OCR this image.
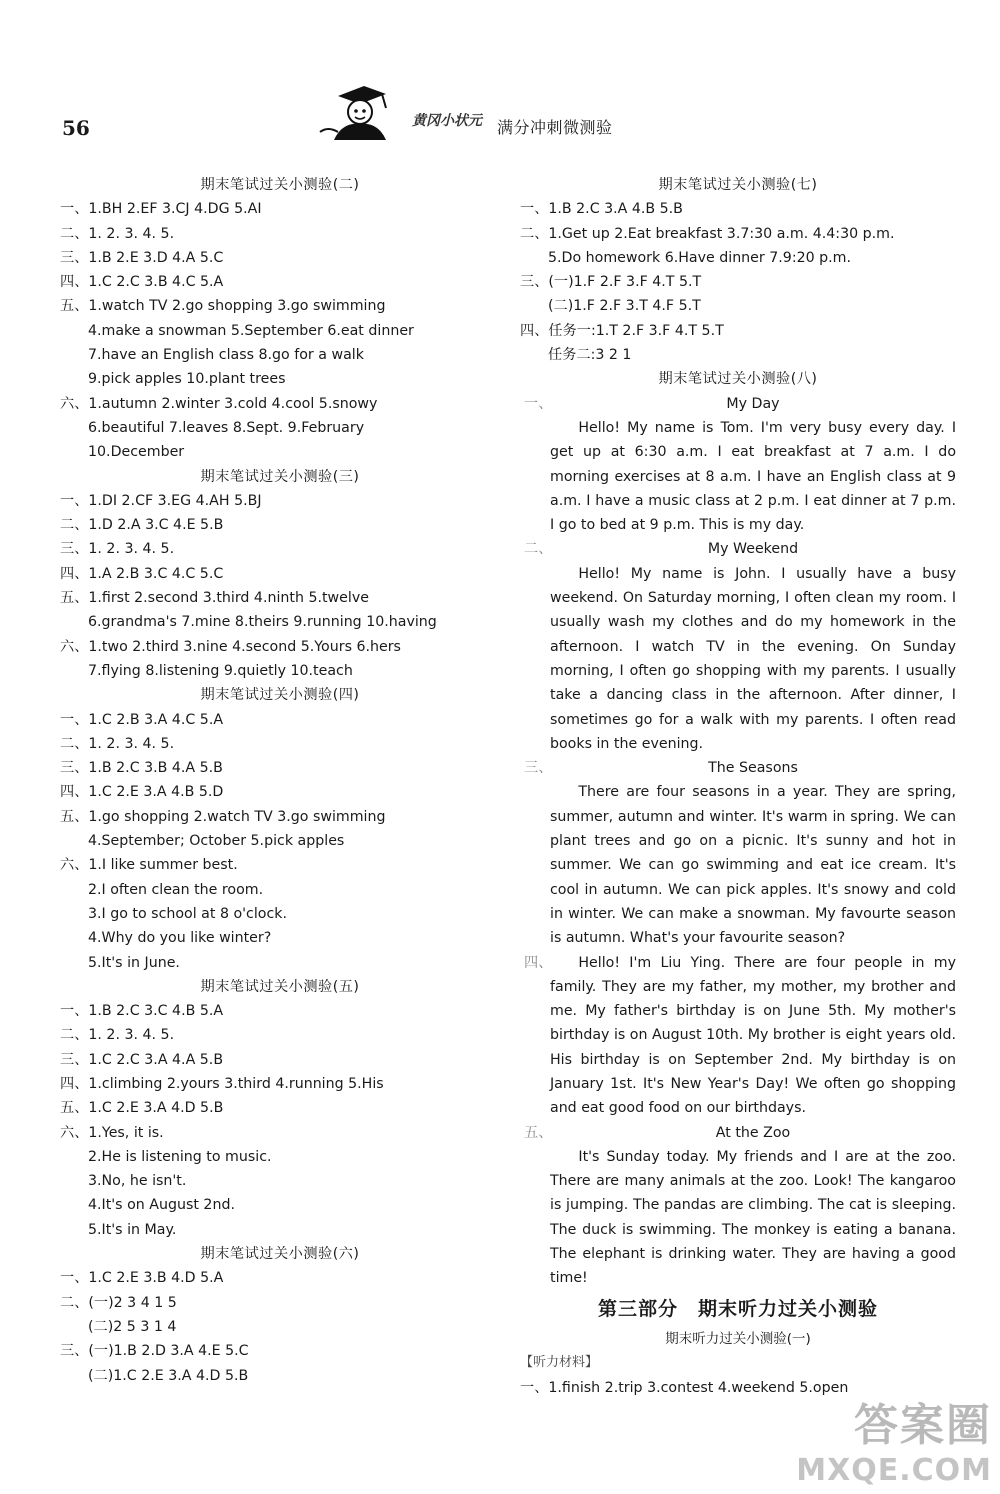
56	黄冈小状元 满分冲刺微测验
期末笔试过关小测验(二)
一、1.BH 2.EF 3.CJ 4.DG 5.AI
二、1. 2. 3. 4. 5.
三、1.B 2.E 3.D 4.A 5.C
四、1.C 2.C 3.B 4.C 5.A
五、1.watch TV 2.go shopping 3.go swimming
4.make a snowman 5.September 6.eat dinner
7.have an English class 8.go for a walk
9.pick apples 10.plant trees
六、1.autumn 2.winter 3.cold 4.cool 5.snowy
6.beautiful 7.leaves 8.Sept. 9.February
10.December
期末笔试过关小测验(三)
一、1.DI 2.CF 3.EG 4.AH 5.BJ
二、1.D 2.A 3.C 4.E 5.B
三、1. 2. 3. 4. 5.
四、1.A 2.B 3.C 4.C 5.C
五、1.first 2.second 3.third 4.ninth 5.twelve
6.grandma's 7.mine 8.theirs 9.running 10.having
六、1.two 2.third 3.nine 4.second 5.Yours 6.hers
7.flying 8.listening 9.quietly 10.teach
期末笔试过关小测验(四)
一、1.C 2.B 3.A 4.C 5.A
二、1. 2. 3. 4. 5.
三、1.B 2.C 3.B 4.A 5.B
四、1.C 2.E 3.A 4.B 5.D
五、1.go shopping 2.watch TV 3.go swimming
4.September; October 5.pick apples
六、1.I like summer best.
2.I often clean the room.
3.I go to school at 8 o'clock.
4.Why do you like winter?
5.It's in June.
期末笔试过关小测验(五)
一、1.B 2.C 3.C 4.B 5.A
二、1. 2. 3. 4. 5.
三、1.C 2.C 3.A 4.A 5.B
四、1.climbing 2.yours 3.third 4.running 5.His
五、1.C 2.E 3.A 4.D 5.B
六、1.Yes, it is.
2.He is listening to music.
3.No, he isn't.
4.It's on August 2nd.
5.It's in May.
期末笔试过关小测验(六)
一、1.C 2.E 3.B 4.D 5.A
二、(一)2 3 4 1 5
(二)2 5 3 1 4
三、(一)1.B 2.D 3.A 4.E 5.C
(二)1.C 2.E 3.A 4.D 5.B
期末笔试过关小测验(七)
一、1.B 2.C 3.A 4.B 5.B
二、1.Get up 2.Eat breakfast 3.7:30 a.m. 4.4:30 p.m.
5.Do homework 6.Have dinner 7.9:20 p.m.
三、(一)1.F 2.F 3.F 4.T 5.T
(二)1.F 2.F 3.T 4.F 5.T
四、任务一:1.T 2.F 3.F 4.T 5.T
任务二:3 2 1
期末笔试过关小测验(八)
一、	My Day
Hello! My name is Tom. I'm very busy every day. I get up at 6:30 a.m. I eat breakfast at 7 a.m. I do morning exercises at 8 a.m. I have an English class at 9 a.m. I have a music class at 2 p.m. I eat dinner at 7 p.m. I go to bed at 9 p.m. This is my day.
二、	My Weekend
Hello! My name is John. I usually have a busy weekend. On Saturday morning, I often clean my room. I usually wash my clothes and do my homework in the afternoon. I watch TV in the evening. On Sunday morning, I often go shopping with my parents. I usually take a dancing class in the afternoon. After dinner, I sometimes go for a walk with my parents. I often read books in the evening.
三、	The Seasons
There are four seasons in a year. They are spring, summer, autumn and winter. It's warm in spring. We can plant trees and go on a picnic. It's sunny and hot in summer. We can go swimming and eat ice cream. It's cool in autumn. We can pick apples. It's snowy and cold in winter. We can make a snowman. My favourte season is autumn. What's your favourite season?
四、	Hello! I'm Liu Ying. There are four people in my family. They are my father, my mother, my brother and me. My father's birthday is on June 5th. My mother's birthday is on August 10th. My brother is eight years old. His birthday is on September 2nd. My birthday is on January 1st. It's New Year's Day! We often go shopping and eat good food on our birthdays.
五、	At the Zoo
It's Sunday today. My friends and I are at the zoo. There are many animals at the zoo. Look! The kangaroo is jumping. The pandas are climbing. The cat is sleeping. The duck is swimming. The monkey is eating a banana. The elephant is drinking water. They are having a good time!
第三部分　期末听力过关小测验
期末听力过关小测验(一)
【听力材料】
一、1.finish 2.trip 3.contest 4.weekend 5.open
答案圈
MXQE.COM
